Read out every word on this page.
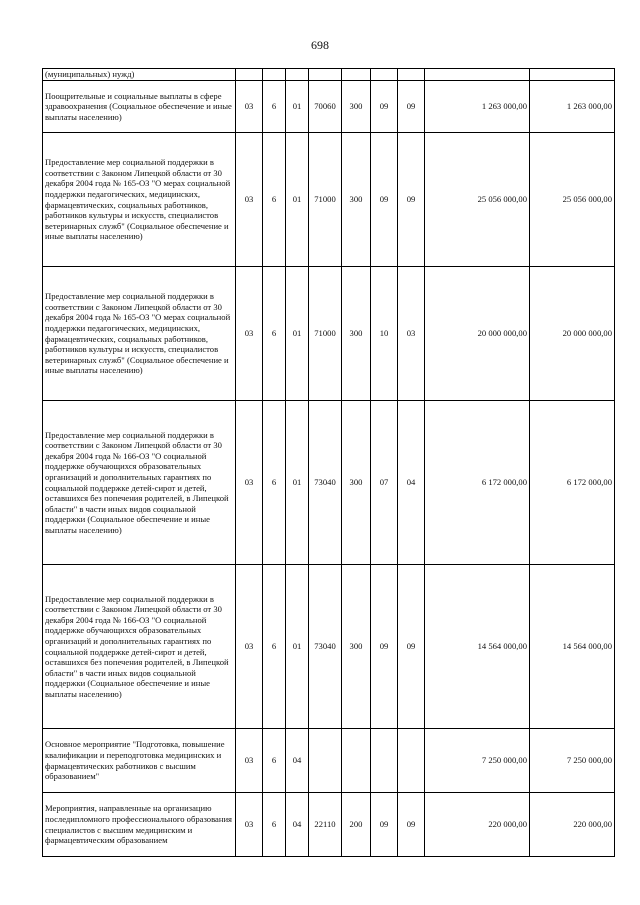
698
(муниципальных) нужд)									
Поощрительные и социальные выплаты в сфере здравоохранения (Социальное обеспечение и иные выплаты населению)	03	6	01	70060	300	09	09	1 263 000,00	1 263 000,00
Предоставление мер социальной поддержки в соответствии с Законом Липецкой области от 30 декабря 2004 года № 165-ОЗ "О мерах социальной поддержки педагогических, медицинских, фармацевтических, социальных работников, работников культуры и искусств, специалистов ветеринарных служб" (Социальное обеспечение и иные выплаты населению)	03	6	01	71000	300	09	09	25 056 000,00	25 056 000,00
Предоставление мер социальной поддержки в соответствии с Законом Липецкой области от 30 декабря 2004 года № 165-ОЗ "О мерах социальной поддержки педагогических, медицинских, фармацевтических, социальных работников, работников культуры и искусств, специалистов ветеринарных служб" (Социальное обеспечение и иные выплаты населению)	03	6	01	71000	300	10	03	20 000 000,00	20 000 000,00
Предоставление мер социальной поддержки в соответствии с Законом Липецкой области от 30 декабря 2004 года № 166-ОЗ "О социальной поддержке обучающихся образовательных организаций и дополнительных гарантиях по социальной поддержке детей-сирот и детей, оставшихся без попечения родителей, в Липецкой области" в части иных видов социальной поддержки (Социальное обеспечение и иные выплаты населению)	03	6	01	73040	300	07	04	6 172 000,00	6 172 000,00
Предоставление мер социальной поддержки в соответствии с Законом Липецкой области от 30 декабря 2004 года № 166-ОЗ "О социальной поддержке обучающихся образовательных организаций и дополнительных гарантиях по социальной поддержке детей-сирот и детей, оставшихся без попечения родителей, в Липецкой области" в части иных видов социальной поддержки (Социальное обеспечение и иные выплаты населению)	03	6	01	73040	300	09	09	14 564 000,00	14 564 000,00
Основное мероприятие "Подготовка, повышение квалификации и переподготовка медицинских и фармацевтических работников с высшим образованием"	03	6	04					7 250 000,00	7 250 000,00
Мероприятия, направленные на организацию последипломного профессионального образования специалистов с высшим медицинским и фармацевтическим образованием	03	6	04	22110	200	09	09	220 000,00	220 000,00
